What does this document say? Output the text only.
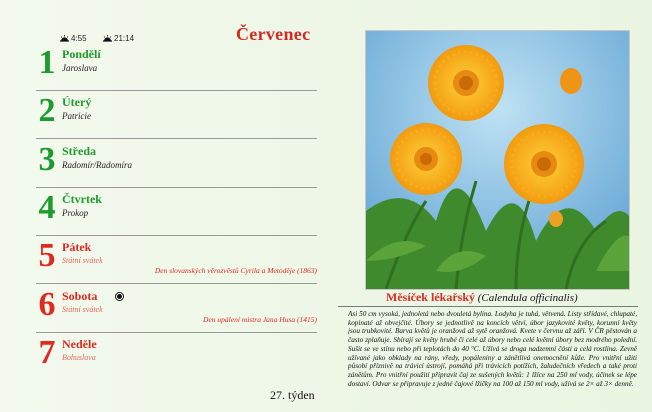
4:55	21:14	Červenec
1 Pondělí
Jaroslava
2 Úterý
Patricie
3 Středa
Radomír/Radomíra
4 Čtvrtek
Prokop
5 Pátek
Státní svátek
Den slovanských věrozvěstů Cyrila a Metoděje (1863)
6 Sobota
Státní svátek
Den upálení mistra Jana Husa (1415)
7 Neděle
Bohuslava
27. týden
Měsíček lékařský (Calendula officinalis)
Asi 50 cm vysoká, jednoletá nebo dvouletá bylina. Lodyha je tuhá, větvená. Listy střídavé, chlupaté, kopinaté až obvejčité. Úbory se jednotlivě na koncích větví, úbor jazykovité květy, korunní květy jsou trubkovité. Barva květů je oranžová až sytě oranžová. Kvete v červnu až září. V ČR pěstován a často zplaňuje. Sbírají se květy hrubé či celé až úbory nebo celé květní úbory bez modrého polední. Sušit se ve stínu nebo při teplotách do 40 °C. Užívá se droga nadzemní části a celá rostlina. Zevně užívané jako obklady na rány, vředy, popáleniny a zánětlivá onemocnění kůže. Pro vnitřní užití působí příznivě na trávicí ústrojí, pomáhá při trávicích potížích, žaludečních vředech a také proti zánětům. Pro vnitřní použití připravit čaj ze sušených květů: 1 lžíce na 250 ml vody, účinek se lépe dostaví. Odvar se připravuje z jedné čajové lžičky na 100 až 150 ml vody, užívá se 2× až 3× denně.
